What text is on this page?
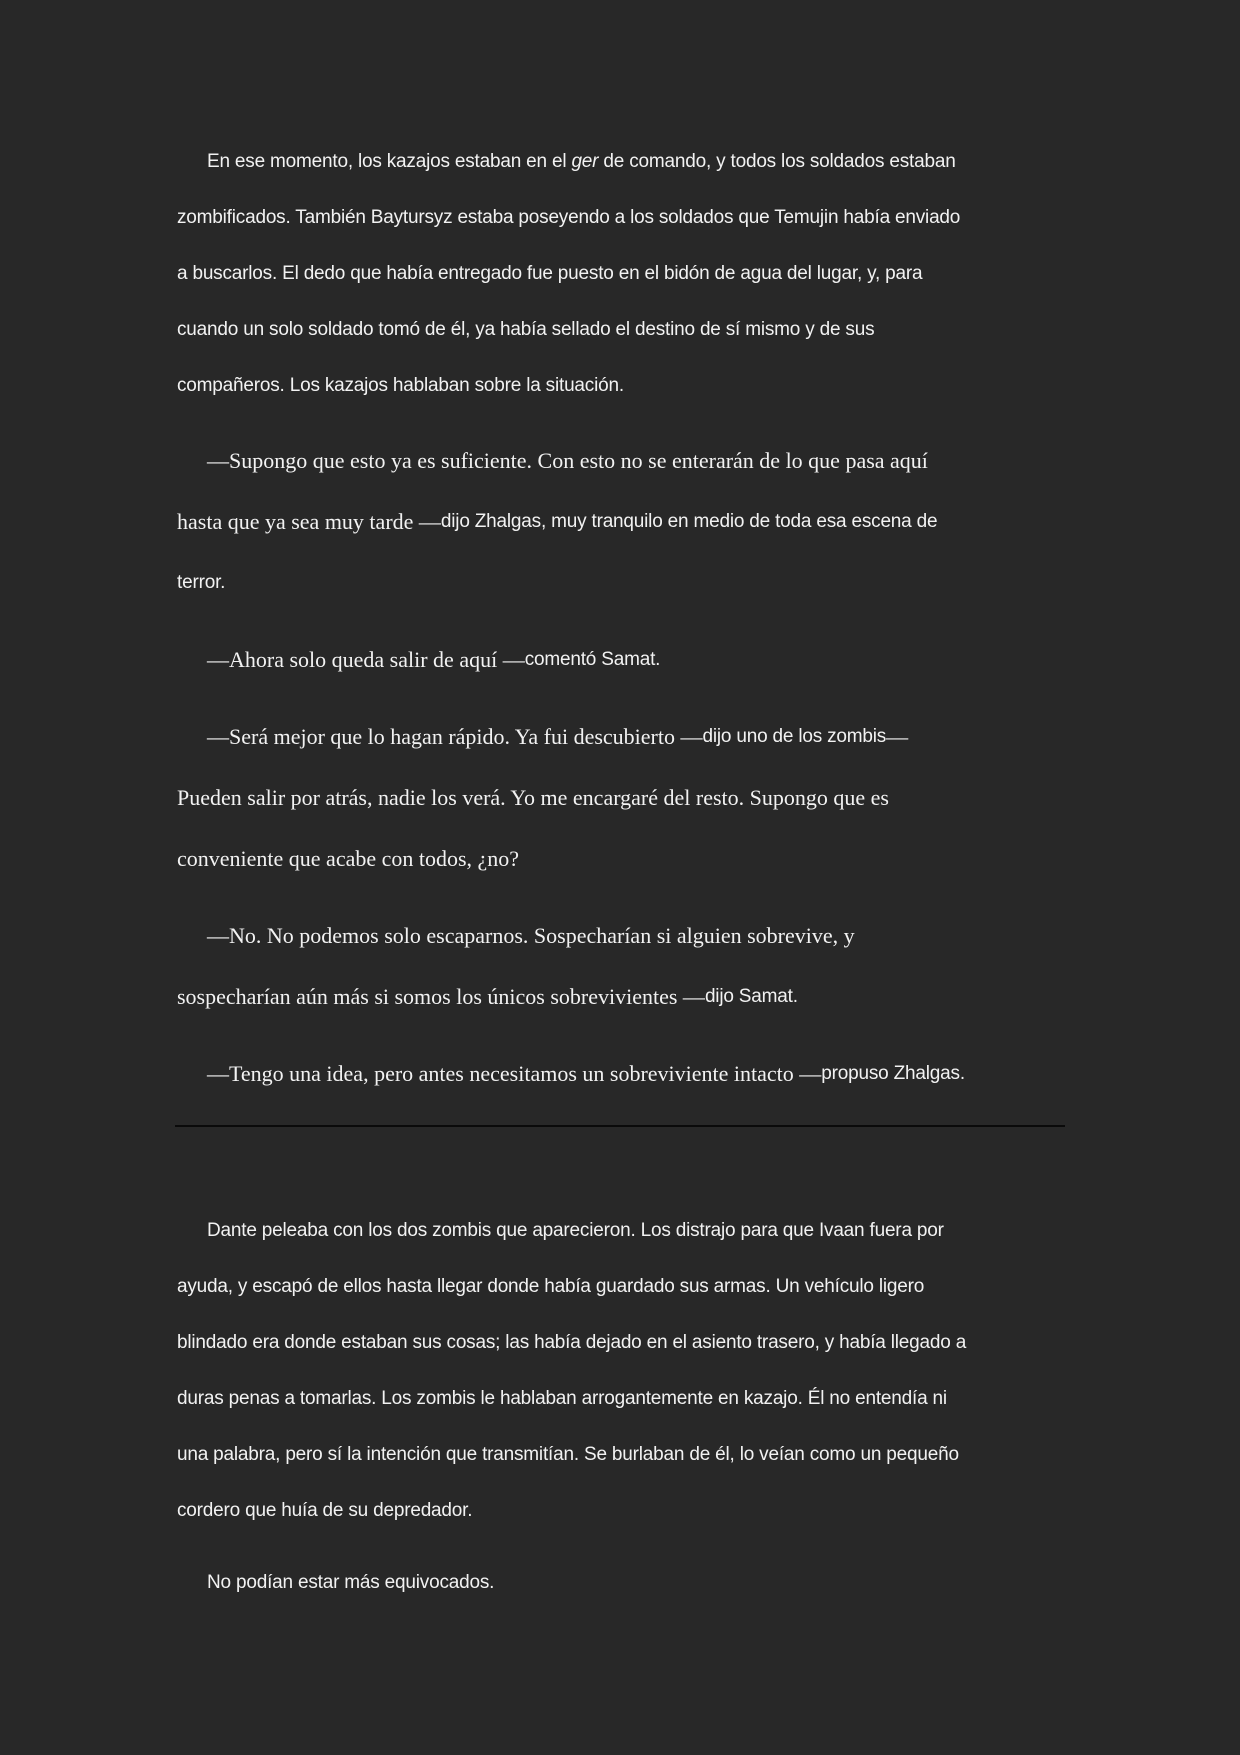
En ese momento, los kazajos estaban en el ger de comando, y todos los soldados estaban
zombificados. También Baytursyz estaba poseyendo a los soldados que Temujin había enviado
a buscarlos. El dedo que había entregado fue puesto en el bidón de agua del lugar, y, para
cuando un solo soldado tomó de él, ya había sellado el destino de sí mismo y de sus
compañeros. Los kazajos hablaban sobre la situación.
—Supongo que esto ya es suficiente. Con esto no se enterarán de lo que pasa aquí
hasta que ya sea muy tarde — dijo Zhalgas, muy tranquilo en medio de toda esa escena de
terror.
—Ahora solo queda salir de aquí — comentó Samat.
—Será mejor que lo hagan rápido. Ya fui descubierto — dijo uno de los zombis —
Pueden salir por atrás, nadie los verá. Yo me encargaré del resto. Supongo que es
conveniente que acabe con todos, ¿no?
—No. No podemos solo escaparnos. Sospecharían si alguien sobrevive, y
sospecharían aún más si somos los únicos sobrevivientes — dijo Samat.
—Tengo una idea, pero antes necesitamos un sobreviviente intacto — propuso Zhalgas.
Dante peleaba con los dos zombis que aparecieron. Los distrajo para que Ivaan fuera por
ayuda, y escapó de ellos hasta llegar donde había guardado sus armas. Un vehículo ligero
blindado era donde estaban sus cosas; las había dejado en el asiento trasero, y había llegado a
duras penas a tomarlas. Los zombis le hablaban arrogantemente en kazajo. Él no entendía ni
una palabra, pero sí la intención que transmitían. Se burlaban de él, lo veían como un pequeño
cordero que huía de su depredador.
No podían estar más equivocados.
